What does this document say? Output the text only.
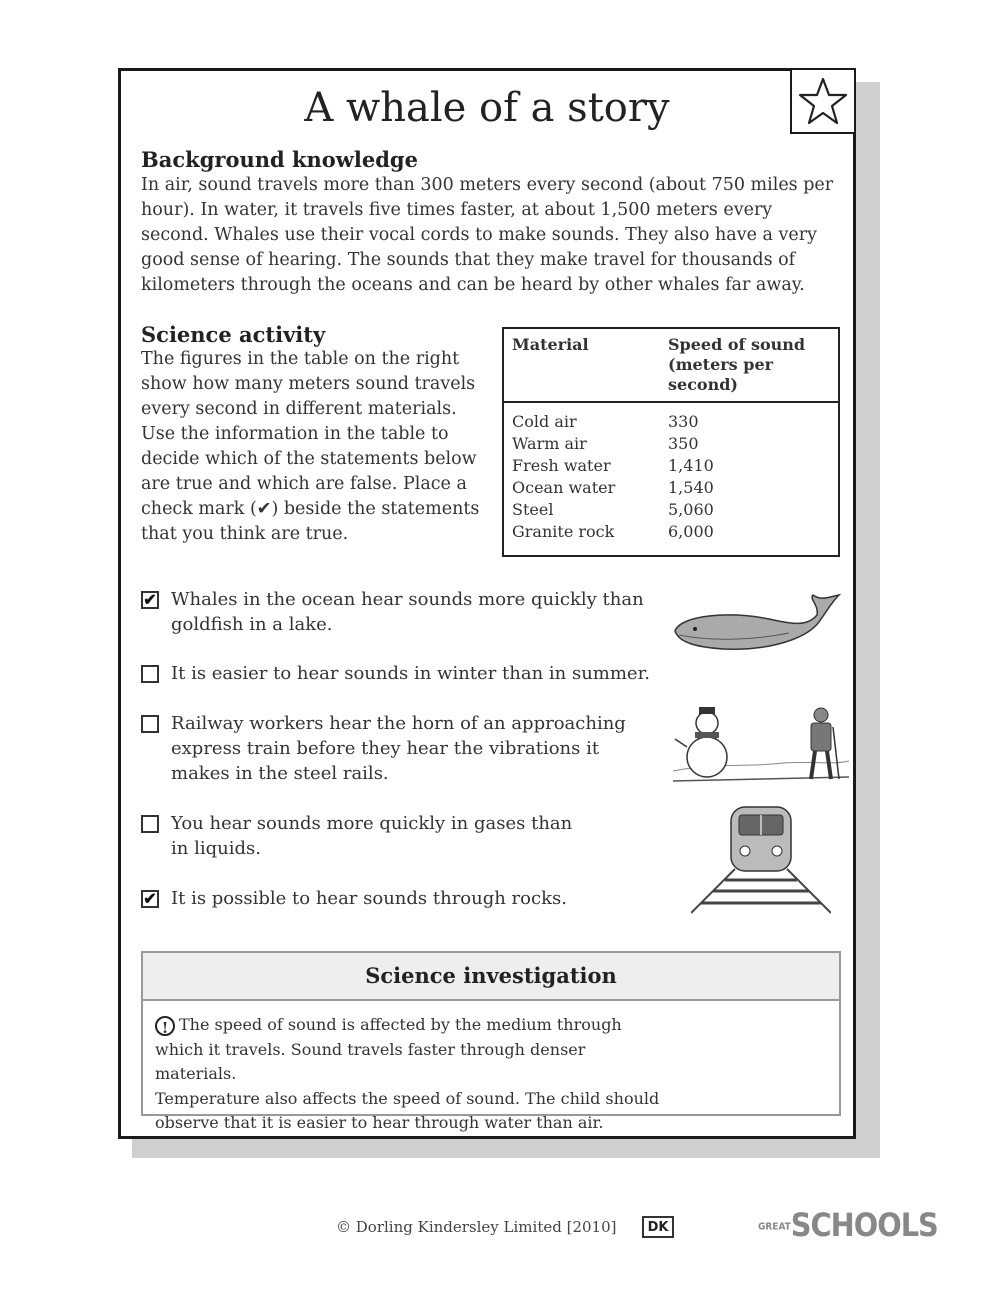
A whale of a story
Background knowledge
In air, sound travels more than 300 meters every second (about 750 miles per
hour). In water, it travels five times faster, at about 1,500 meters every
second. Whales use their vocal cords to make sounds. They also have a very
good sense of hearing. The sounds that they make travel for thousands of
kilometers through the oceans and can be heard by other whales far away.
Science activity
The figures in the table on the right
show how many meters sound travels
every second in different materials.
Use the information in the table to
decide which of the statements below
are true and which are false. Place a
check mark (✔) beside the statements
that you think are true.
Material	Speed of sound
(meters per second)

Cold air	330
Warm air	350
Fresh water	1,410
Ocean water	1,540
Steel	5,060
Granite rock	6,000
✔ Whales in the ocean hear sounds more quickly than
goldfish in a lake.
It is easier to hear sounds in winter than in summer.
Railway workers hear the horn of an approaching
express train before they hear the vibrations it
makes in the steel rails.
You hear sounds more quickly in gases than
in liquids.
✔ It is possible to hear sounds through rocks.
Science investigation
! The speed of sound is affected by the medium through
which it travels. Sound travels faster through denser materials.
Temperature also affects the speed of sound. The child should
observe that it is easier to hear through water than air.
© Dorling Kindersley Limited [2010]	DK	GREATSCHOOLS
